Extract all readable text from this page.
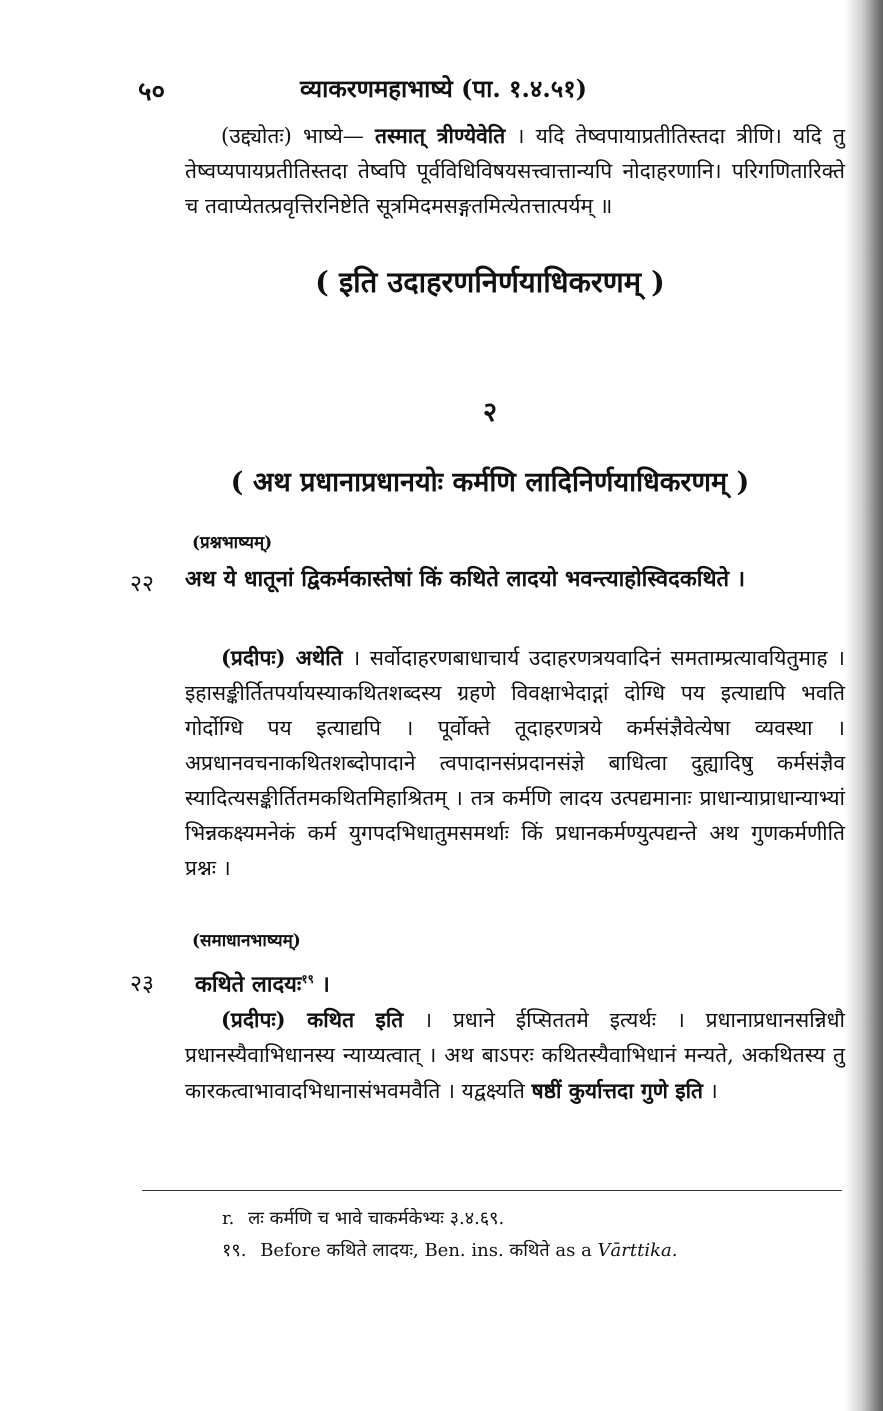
५०	व्याकरणमहाभाष्ये (पा. १.४.५१)
(उद्द्योतः) भाष्ये— तस्मात् त्रीण्येवेति । यदि तेष्वपायाप्रतीतिस्तदा त्रीणि। यदि तु तेष्वप्यपायप्रतीतिस्तदा तेष्वपि पूर्वविधिविषयसत्त्वात्तान्यपि नोदाहरणानि। परिगणितारिक्ते च तवाप्येतत्प्रवृत्तिरनिष्टेति सूत्रमिदमसङ्गतमित्येतत्तात्पर्यम् ॥
( इति उदाहरणनिर्णयाधिकरणम् )
२
( अथ प्रधानाप्रधानयोः कर्मणि लादिनिर्णयाधिकरणम् )
(प्रश्नभाष्यम्)
२२ अथ ये धातूनां द्विकर्मकास्तेषां किं कथिते लादयो भवन्त्याहोस्विदकथिते ।
(प्रदीपः) अथेति । सर्वोदाहरणबाधाचार्य उदाहरणत्रयवादिनं समताम्प्रत्यावयितुमाह । इहासङ्कीर्तितपर्यायस्याकथितशब्दस्य ग्रहणे विवक्षाभेदाद्गां दोग्धि पय इत्याद्यपि भवति गोर्दोग्धि पय इत्याद्यपि । पूर्वोक्ते तूदाहरणत्रये कर्मसंज्ञैवेत्येषा व्यवस्था । अप्रधानवचनाकथितशब्दोपादाने त्वपादानसंप्रदानसंज्ञे बाधित्वा दुह्यादिषु कर्मसंज्ञैव स्यादित्यसङ्कीर्तितमकथितमिहाश्रितम् । तत्र कर्मणि लादय उत्पद्यमानाः प्राधान्याप्राधान्याभ्यां भिन्नकक्ष्यमनेकं कर्म युगपदभिधातुमसमर्थाः किं प्रधानकर्मण्युत्पद्यन्ते अथ गुणकर्मणीति प्रश्नः ।
(समाधानभाष्यम्)
२३ कथिते लादयः$^{१९}$ ।
(प्रदीपः) कथित इति । प्रधाने ईप्सिततमे इत्यर्थः । प्रधानाप्रधानसन्निधौ प्रधानस्यैवाभिधानस्य न्याय्यत्वात् । अथ बाऽपरः कथितस्यैवाभिधानं मन्यते, अकथितस्य तु कारकत्वाभावादभिधानासंभवमवैति । यद्वक्ष्यति षष्ठीं कुर्यात्तदा गुणे इति ।
r. लः कर्मणि च भावे चाकर्मकेभ्यः ३.४.६९.
१९. Before कथिते लादयः, Ben. ins. कथिते as a Vārttika.
